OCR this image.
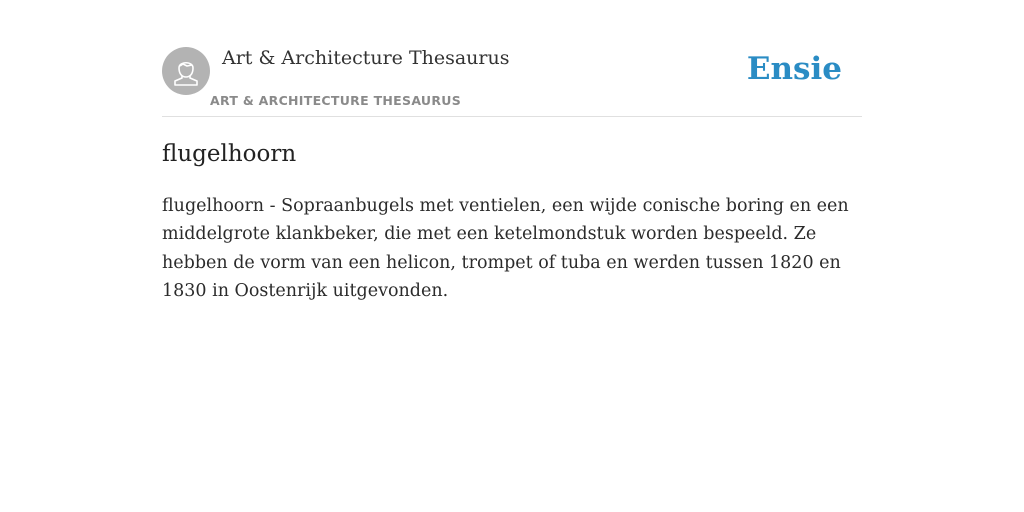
Art & Architecture Thesaurus
ART & ARCHITECTURE THESAURUS
Ensie
flugelhoorn

flugelhoorn - Sopraanbugels met ventielen, een wijde conische boring en een middelgrote klankbeker, die met een ketelmondstuk worden bespeeld. Ze hebben de vorm van een helicon, trompet of tuba en werden tussen 1820 en 1830 in Oostenrijk uitgevonden.
